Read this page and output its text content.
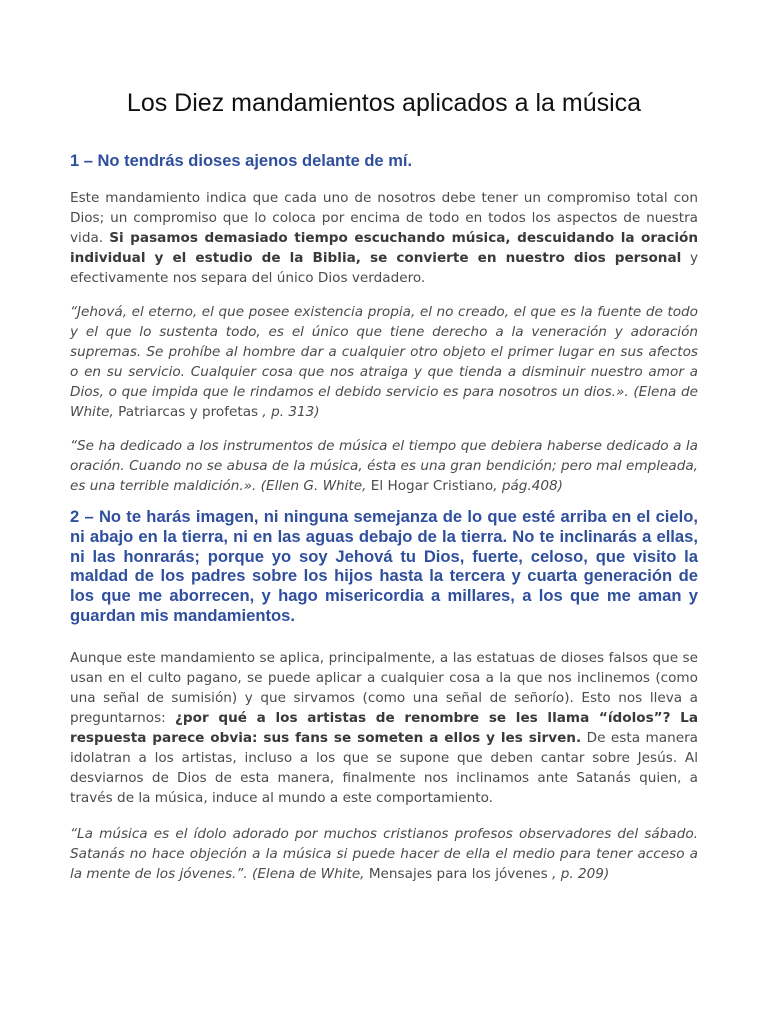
Los Diez mandamientos aplicados a la música
1 – No tendrás dioses ajenos delante de mí.

Este mandamiento indica que cada uno de nosotros debe tener un compromiso total con Dios; un compromiso que lo coloca por encima de todo en todos los aspectos de nuestra vida. Si pasamos demasiado tiempo escuchando música, descuidando la oración individual y el estudio de la Biblia, se convierte en nuestro dios personal y efectivamente nos separa del único Dios verdadero.

“Jehová, el eterno, el que posee existencia propia, el no creado, el que es la fuente de todo y el que lo sustenta todo, es el único que tiene derecho a la veneración y adoración supremas. Se prohíbe al hombre dar a cualquier otro objeto el primer lugar en sus afectos o en su servicio. Cualquier cosa que nos atraiga y que tienda a disminuir nuestro amor a Dios, o que impida que le rindamos el debido servicio es para nosotros un dios.». (Elena de White, Patriarcas y profetas , p. 313)

“Se ha dedicado a los instrumentos de música el tiempo que debiera haberse dedicado a la oración. Cuando no se abusa de la música, ésta es una gran bendición; pero mal empleada, es una terrible maldición.». (Ellen G. White, El Hogar Cristiano, pág.408)

2 – No te harás imagen, ni ninguna semejanza de lo que esté arriba en el cielo, ni abajo en la tierra, ni en las aguas debajo de la tierra. No te inclinarás a ellas, ni las honrarás; porque yo soy Jehová tu Dios, fuerte, celoso, que visito la maldad de los padres sobre los hijos hasta la tercera y cuarta generación de los que me aborrecen, y hago misericordia a millares, a los que me aman y guardan mis mandamientos.

Aunque este mandamiento se aplica, principalmente, a las estatuas de dioses falsos que se usan en el culto pagano, se puede aplicar a cualquier cosa a la que nos inclinemos (como una señal de sumisión) y que sirvamos (como una señal de señorío). Esto nos lleva a preguntarnos: ¿por qué a los artistas de renombre se les llama “ídolos”? La respuesta parece obvia: sus fans se someten a ellos y les sirven. De esta manera idolatran a los artistas, incluso a los que se supone que deben cantar sobre Jesús. Al desviarnos de Dios de esta manera, finalmente nos inclinamos ante Satanás quien, a través de la música, induce al mundo a este comportamiento.

“La música es el ídolo adorado por muchos cristianos profesos observadores del sábado. Satanás no hace objeción a la música si puede hacer de ella el medio para tener acceso a la mente de los jóvenes.”. (Elena de White, Mensajes para los jóvenes , p. 209)
